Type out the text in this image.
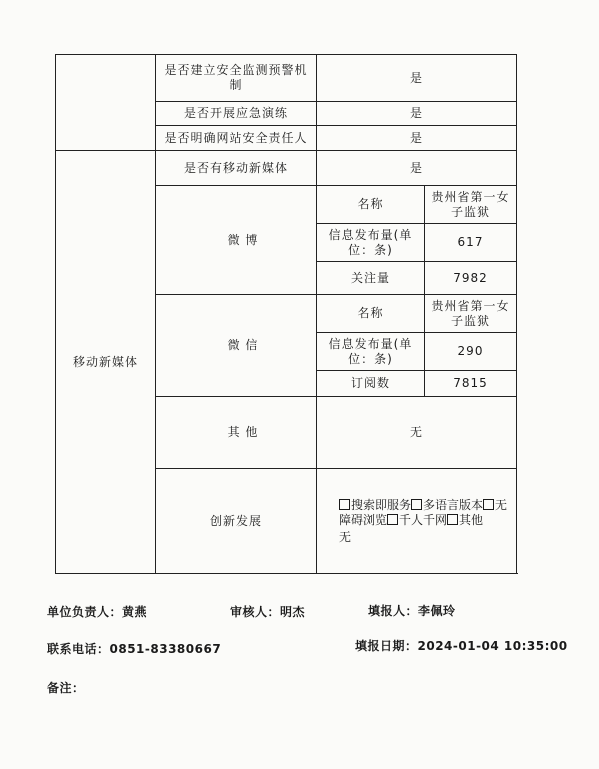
	是否建立安全监测预警机制	是	
	是否开展应急演练	是	
	是否明确网站安全责任人	是	
移动新媒体	是否有移动新媒体	是	
	微 博	名称	贵州省第一女子监狱
		信息发布量(单位：条)	617
		关注量	7982
	微 信	名称	贵州省第一女子监狱
		信息发布量(单位：条)	290
		订阅数	7815
	其 他	无	
	创新发展	搜索即服务 多语言版本 无障碍浏览 千人千网 其他
无	
单位负责人：黄燕	审核人：明杰	填报人：李佩玲
联系电话：0851-83380667	填报日期：2024-01-04 10:35:00
备注：
